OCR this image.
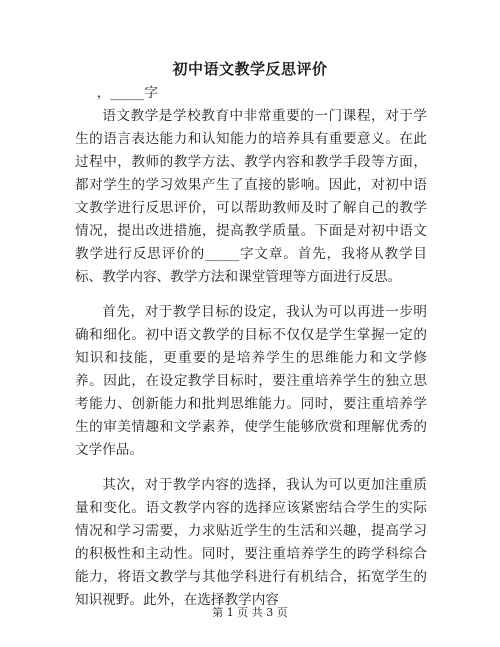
初中语文教学反思评价

，_____字

语文教学是学校教育中非常重要的一门课程，对于学生的语言表达能力和认知能力的培养具有重要意义。在此过程中，教师的教学方法、教学内容和教学手段等方面，都对学生的学习效果产生了直接的影响。因此，对初中语文教学进行反思评价，可以帮助教师及时了解自己的教学情况，提出改进措施，提高教学质量。下面是对初中语文教学进行反思评价的_____字文章。首先，我将从教学目标、教学内容、教学方法和课堂管理等方面进行反思。

首先，对于教学目标的设定，我认为可以再进一步明确和细化。初中语文教学的目标不仅仅是学生掌握一定的知识和技能，更重要的是培养学生的思维能力和文学修养。因此，在设定教学目标时，要注重培养学生的独立思考能力、创新能力和批判思维能力。同时，要注重培养学生的审美情趣和文学素养，使学生能够欣赏和理解优秀的文学作品。

其次，对于教学内容的选择，我认为可以更加注重质量和变化。语文教学内容的选择应该紧密结合学生的实际情况和学习需要，力求贴近学生的生活和兴趣，提高学习的积极性和主动性。同时，要注重培养学生的跨学科综合能力，将语文教学与其他学科进行有机结合，拓宽学生的知识视野。此外，在选择教学内容

第 1 页 共 3 页
